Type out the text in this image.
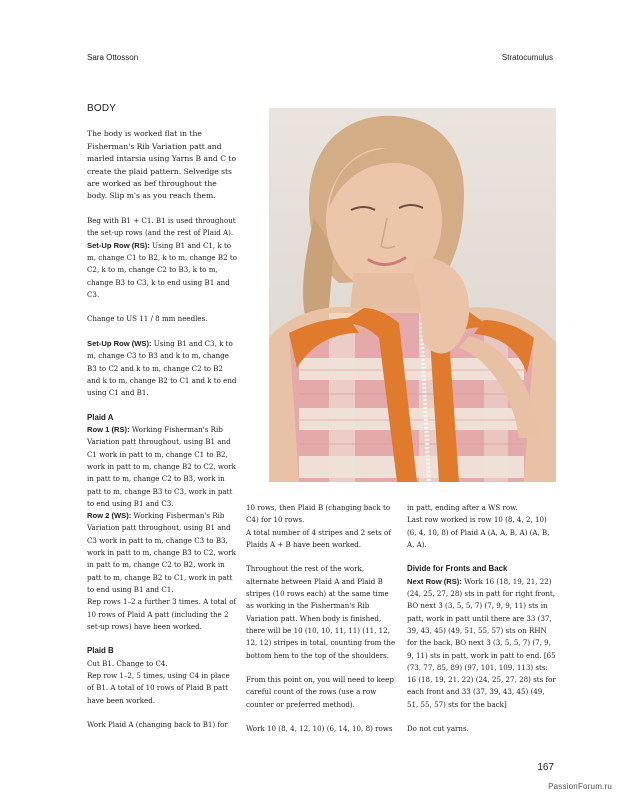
Sara Ottosson	Stratocumulus
BODY

The body is worked flat in the Fisherman's Rib Variation patt and marled intarsia using Yarns B and C to create the plaid pattern. Selvedge sts are worked as bef throughout the body. Slip m's as you reach them.

Beg with B1 + C1. B1 is used throughout the set-up rows (and the rest of Plaid A).

Set-Up Row (RS): Using B1 and C1, k to m, change C1 to B2, k to m, change B2 to C2, k to m, change C2 to B3, k to m, change B3 to C3, k to end using B1 and C3.

Change to US 11 / 8 mm needles.

Set-Up Row (WS): Using B1 and C3, k to m, change C3 to B3 and k to m, change B3 to C2 and k to m, change C2 to B2 and k to m, change B2 to C1 and k to end using C1 and B1.

Plaid A
Row 1 (RS): Working Fisherman's Rib Variation patt throughout, using B1 and C1 work in patt to m, change C1 to B2, work in patt to m, change B2 to C2, work in patt to m, change C2 to B3, work in patt to m, change B3 to C3, work in patt to end using B1 and C3.

Row 2 (WS): Working Fisherman's Rib Variation patt throughout, using B1 and C3 work in patt to m, change C3 to B3, work in patt to m, change B3 to C2, work in patt to m, change C2 to B2, work in patt to m, change B2 to C1, work in patt to end using B1 and C1.

Rep rows 1–2 a further 3 times. A total of 10 rows of Plaid A patt (including the 2 set-up rows) have been worked.

Plaid B
Cut B1. Change to C4.
Rep row 1–2, 5 times, using C4 in place of B1. A total of 10 rows of Plaid B patt have been worked.

Work Plaid A (changing back to B1) for

10 rows, then Plaid B (changing back to C4) for 10 rows.

A total number of 4 stripes and 2 sets of Plaids A + B have been worked.

Throughout the rest of the work, alternate between Plaid A and Plaid B stripes (10 rows each) at the same time as working in the Fisherman's Rib Variation patt. When body is finished, there will be 10 (10, 10, 11, 11) (11, 12, 12, 12) stripes in total, counting from the bottom hem to the top of the shoulders.

From this point on, you will need to keep careful count of the rows (use a row counter or preferred method).

Work 10 (8, 4, 12, 10) (6, 14, 10, 8) rows

in patt, ending after a WS row.

Last row worked is row 10 (8, 4, 2, 10) (6, 4, 10, 8) of Plaid A (A, A, B, A) (A, B, A, A).

Divide for Fronts and Back
Next Row (RS): Work 16 (18, 19, 21, 22) (24, 25, 27, 28) sts in patt for right front, BO next 3 (3, 5, 5, 7) (7, 9, 9, 11) sts in patt, work in patt until there are 33 (37, 39, 43, 45) (49, 51, 55, 57) sts on RHN for the back, BO next 3 (3, 5, 5, 7) (7, 9, 9, 11) sts in patt, work in patt to end. [65 (73, 77, 85, 89) (97, 101, 109, 113) sts: 16 (18, 19, 21, 22) (24, 25, 27, 28) sts for each front and 33 (37, 39, 43, 45) (49, 51, 55, 57) sts for the back]

Do not cut yarns.

167
PassionForum.ru
